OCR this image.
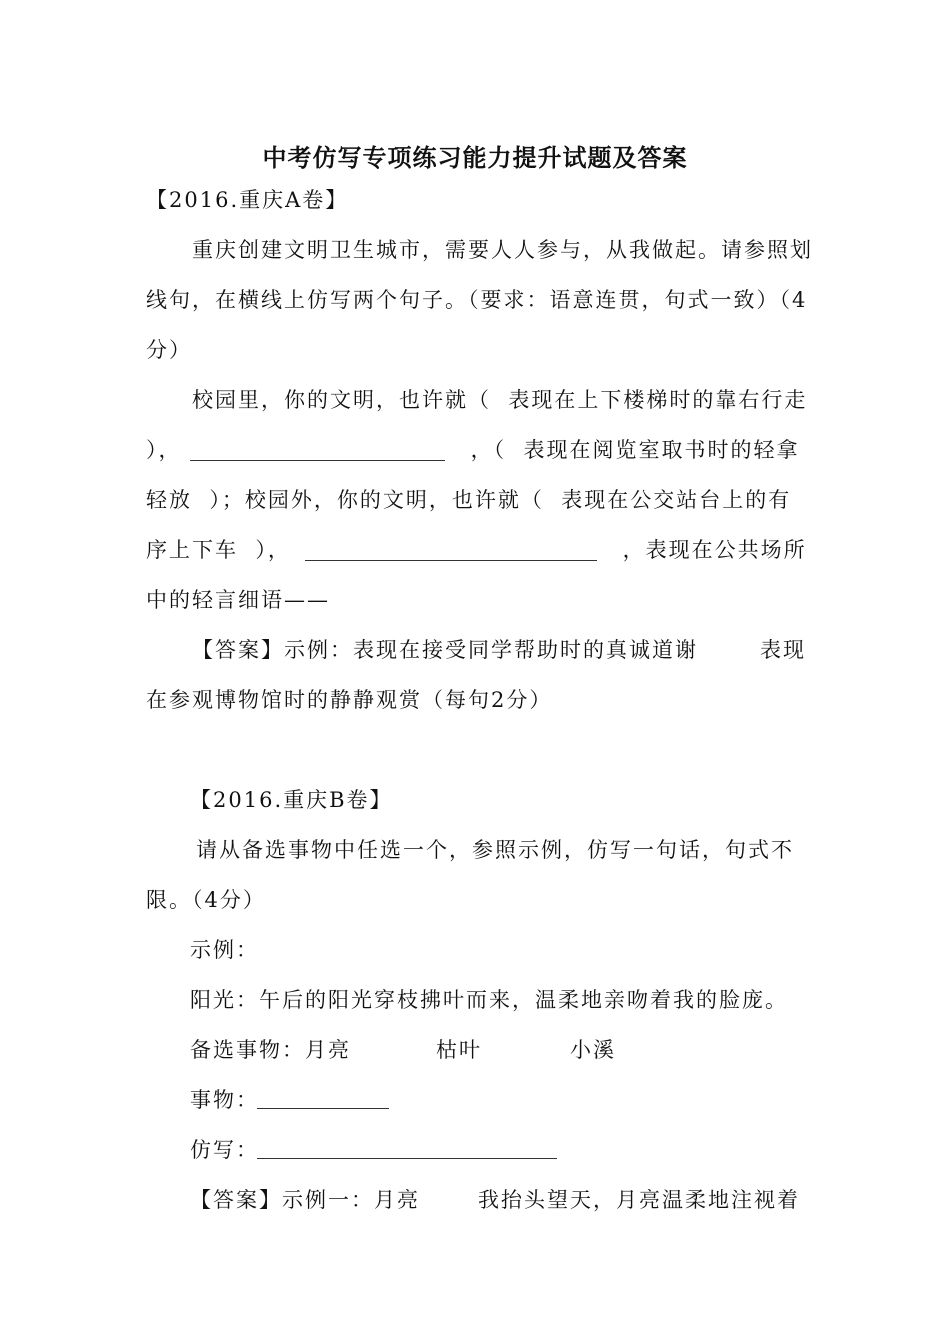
中考仿写专项练习能力提升试题及答案
【2016.重庆A卷】
重庆创建文明卫生城市，需要人人参与，从我做起。请参照划
线句，在横线上仿写两个句子。（要求：语意连贯，句式一致）（4
分）
校园里，你的文明，也许就（  表现在上下楼梯时的靠右行走
），	，（  表现在阅览室取书时的轻拿
轻放  ）；校园外，你的文明，也许就（  表现在公交站台上的有
序上下车  ），	，表现在公共场所
中的轻言细语——
【答案】示例：表现在接受同学帮助时的真诚道谢	表现
在参观博物馆时的静静观赏（每句2分）
【2016.重庆B卷】
请从备选事物中任选一个，参照示例，仿写一句话，句式不
限。（4分）
示例：
阳光：午后的阳光穿枝拂叶而来，温柔地亲吻着我的脸庞。
备选事物：月亮	枯叶	小溪
事物：
仿写：
【答案】示例一：月亮	我抬头望天，月亮温柔地注视着
